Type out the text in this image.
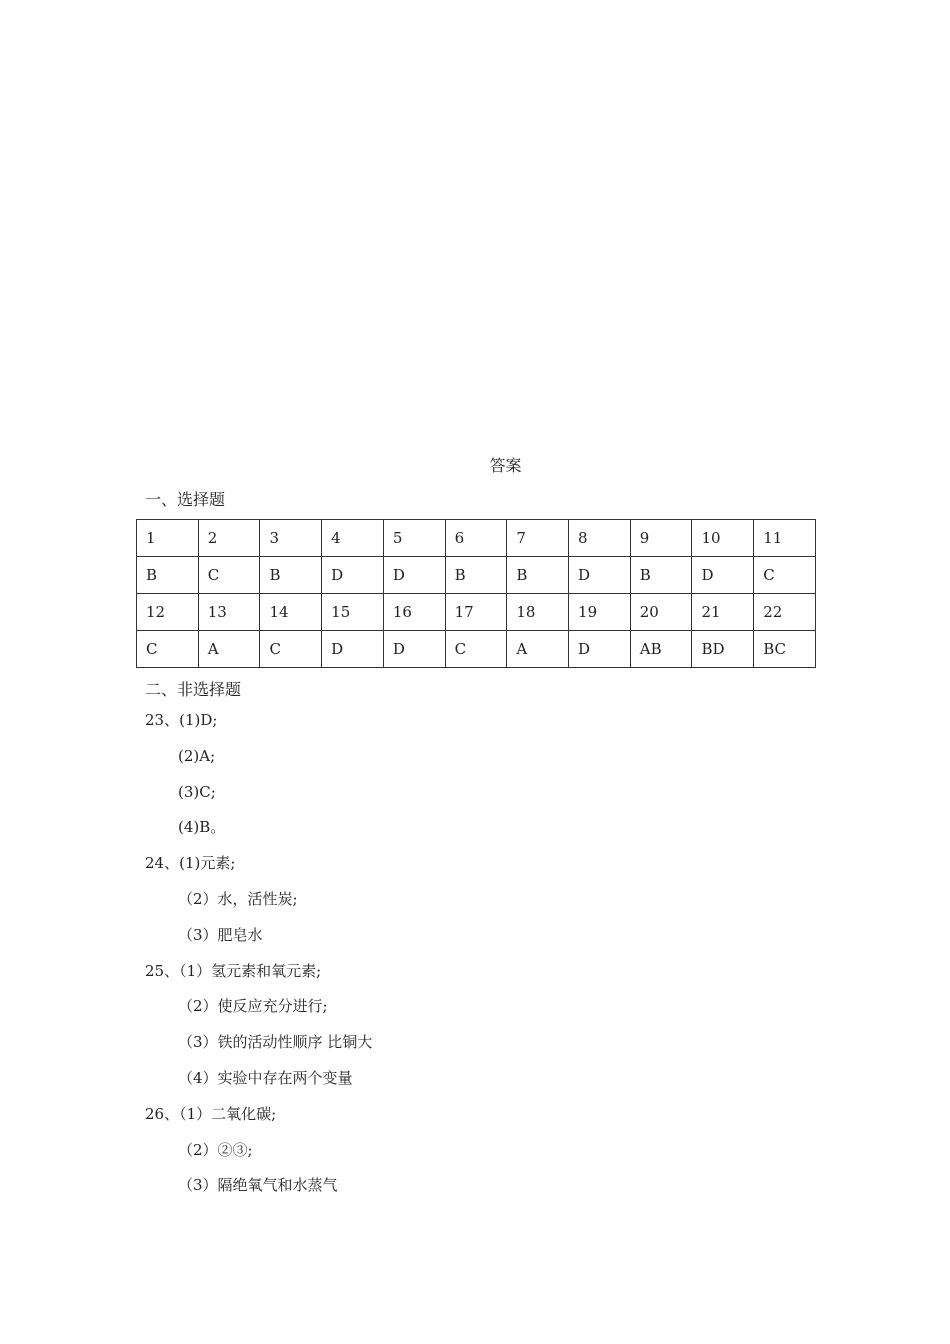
答案
一、选择题
1	2	3	4	5	6	7	8	9	10	11
B	C	B	D	D	B	B	D	B	D	C
12	13	14	15	16	17	18	19	20	21	22
C	A	C	D	D	C	A	D	AB	BD	BC
二、非选择题
23、(1)D;
(2)A;
(3)C;
(4)B。
24、(1)元素;
（2）水，活性炭;
（3）肥皂水
25、（1）氢元素和氧元素;
（2）使反应充分进行;
（3）铁的活动性顺序 比铜大
（4）实验中存在两个变量
26、（1）二氧化碳;
（2）②③;
（3）隔绝氧气和水蒸气
